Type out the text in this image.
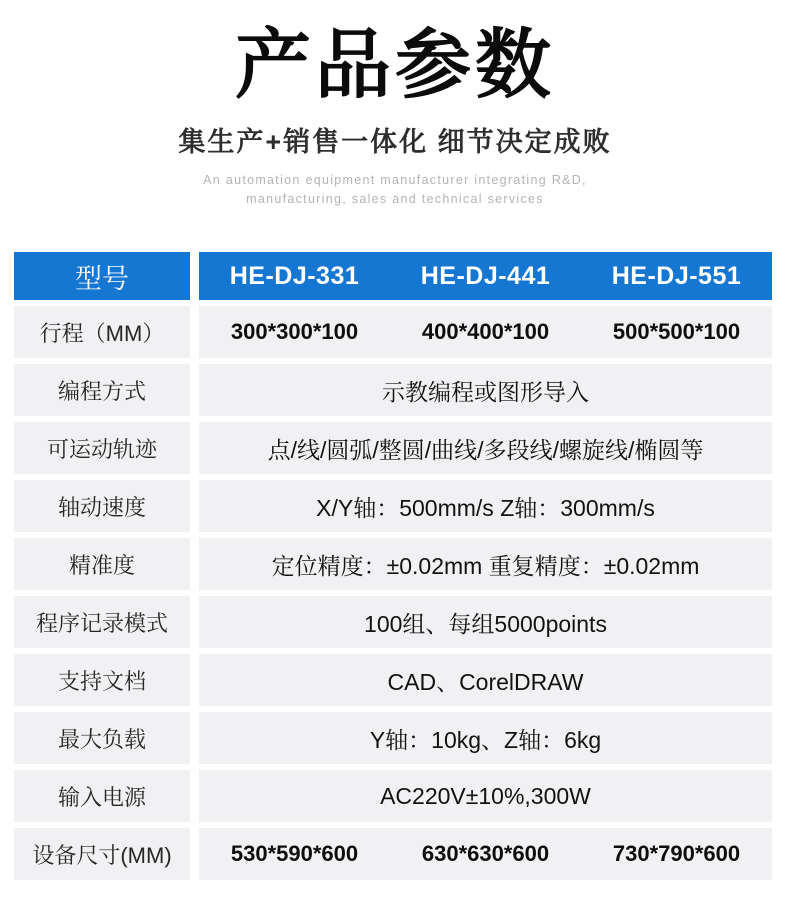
产品参数
集生产+销售一体化 细节决定成败
An automation equipment manufacturer integrating R&D,
manufacturing, sales and technical services
型号	HE-DJ-331	HE-DJ-441	HE-DJ-551
行程（MM）	300*300*100	400*400*100	500*500*100
编程方式	示教编程或图形导入
可运动轨迹	点/线/圆弧/整圆/曲线/多段线/螺旋线/椭圆等
轴动速度	X/Y轴：500mm/s Z轴：300mm/s
精准度	定位精度：±0.02mm 重复精度：±0.02mm
程序记录模式	100组、每组5000points
支持文档	CAD、CorelDRAW
最大负载	Y轴：10kg、Z轴：6kg
输入电源	AC220V±10%,300W
设备尺寸(MM)	530*590*600	630*630*600	730*790*600
